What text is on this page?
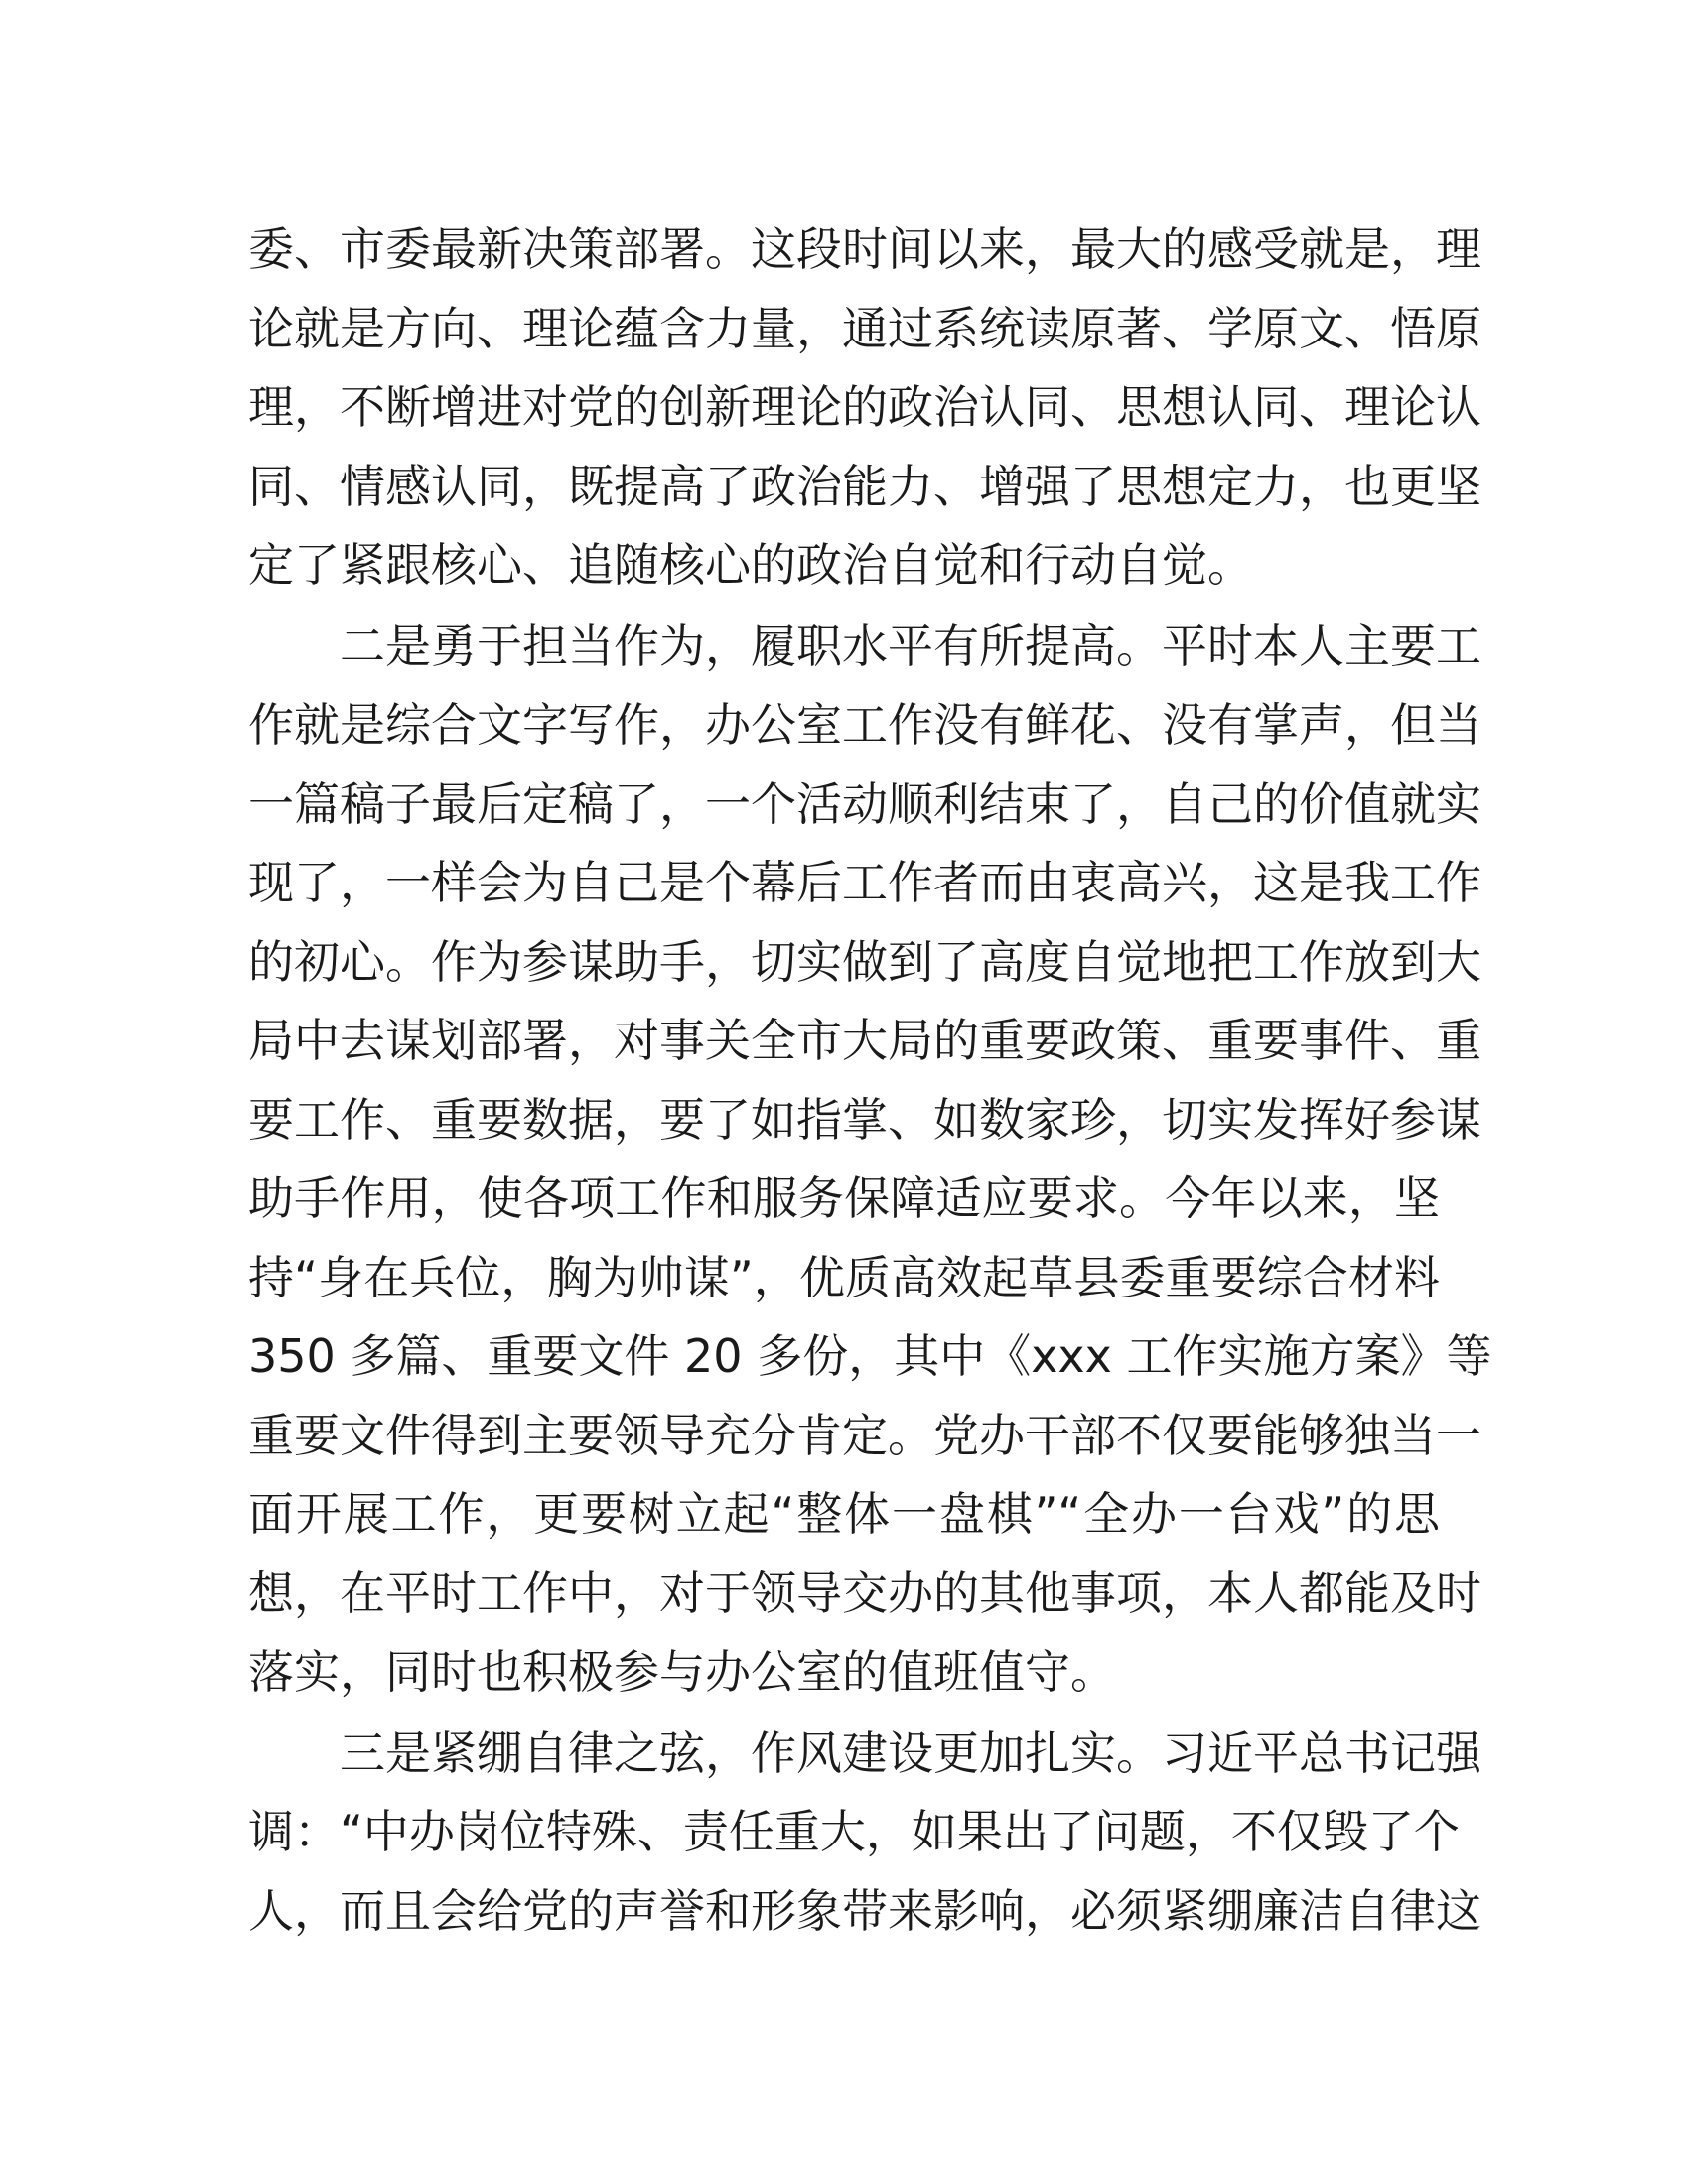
委、市委最新决策部署。这段时间以来，最大的感受就是，理
论就是方向、理论蕴含力量，通过系统读原著、学原文、悟原
理，不断增进对党的创新理论的政治认同、思想认同、理论认
同、情感认同，既提高了政治能力、增强了思想定力，也更坚
定了紧跟核心、追随核心的政治自觉和行动自觉。

二是勇于担当作为，履职水平有所提高。平时本人主要工
作就是综合文字写作，办公室工作没有鲜花、没有掌声，但当
一篇稿子最后定稿了，一个活动顺利结束了，自己的价值就实
现了，一样会为自己是个幕后工作者而由衷高兴，这是我工作
的初心。作为参谋助手，切实做到了高度自觉地把工作放到大
局中去谋划部署，对事关全市大局的重要政策、重要事件、重
要工作、重要数据，要了如指掌、如数家珍，切实发挥好参谋
助手作用，使各项工作和服务保障适应要求。今年以来，坚
持“身在兵位，胸为帅谋”，优质高效起草县委重要综合材料
350 多篇、重要文件 20 多份，其中《xxx 工作实施方案》等
重要文件得到主要领导充分肯定。党办干部不仅要能够独当一
面开展工作，更要树立起“整体一盘棋”“全办一台戏”的思
想，在平时工作中，对于领导交办的其他事项，本人都能及时
落实，同时也积极参与办公室的值班值守。

三是紧绷自律之弦，作风建设更加扎实。习近平总书记强
调：“中办岗位特殊、责任重大，如果出了问题，不仅毁了个
人，而且会给党的声誉和形象带来影响，必须紧绷廉洁自律这
